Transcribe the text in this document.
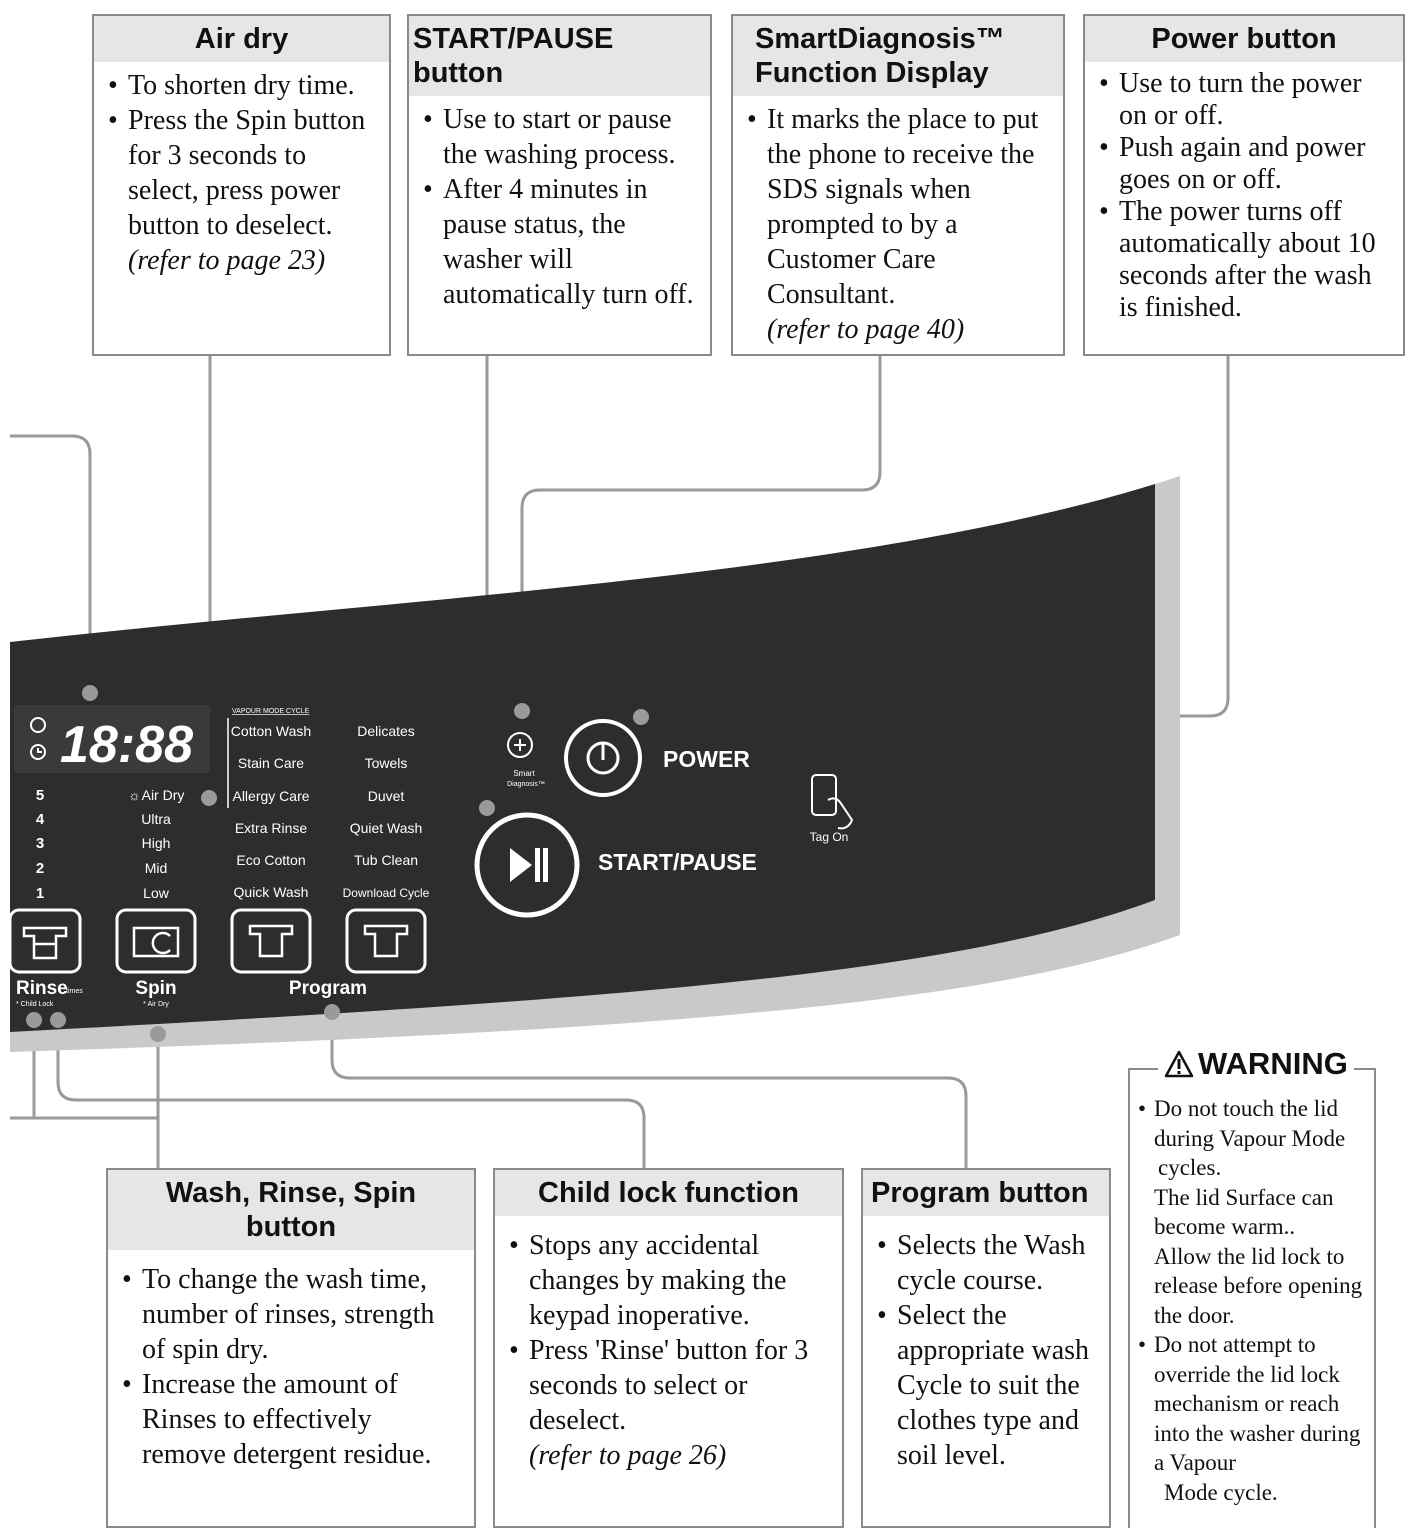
18:88
5
4
3
2
1
☼ Air Dry
Ultra
High
Mid
Low
VAPOUR MODE CYCLE
Cotton Wash
Stain Care
Allergy Care
Extra Rinse
Eco Cotton
Quick Wash
Delicates
Towels
Duvet
Quiet Wash
Tub Clean
Download Cycle
Rinse
times
* Child Lock
Spin
* Air Dry
Program
Smart
Diagnosis™
POWER
START/PAUSE
Tag On
Air dry
• To shorten dry time.
• Press the Spin button for 3 seconds to select, press power button to deselect.
(refer to page 23)
START/PAUSE button
• Use to start or pause the washing process.
• After 4 minutes in pause status, the washer will automatically turn off.
SmartDiagnosis™
Function Display
• It marks the place to put the phone to receive the SDS signals when prompted to by a Customer Care Consultant.
(refer to page 40)
Power button
• Use to turn the power on or off.
• Push again and power goes on or off.
• The power turns off automatically about 10 seconds after the wash is finished.
Wash, Rinse, Spin button
• To change the wash time, number of rinses, strength of spin dry.
• Increase the amount of Rinses to effectively remove detergent residue.
Child lock function
• Stops any accidental changes by making the keypad inoperative.
• Press 'Rinse' button for 3 seconds to select or deselect.
(refer to page 26)
Program button
• Selects the Wash cycle course.
• Select the appropriate wash Cycle to suit the clothes type and soil level.
WARNING
• Do not touch the lid during Vapour Mode
cycles.
The lid Surface can become warm..
Allow the lid lock to release before opening the door.
• Do not attempt to override the lid lock mechanism or reach into the washer during a Vapour
Mode cycle.
